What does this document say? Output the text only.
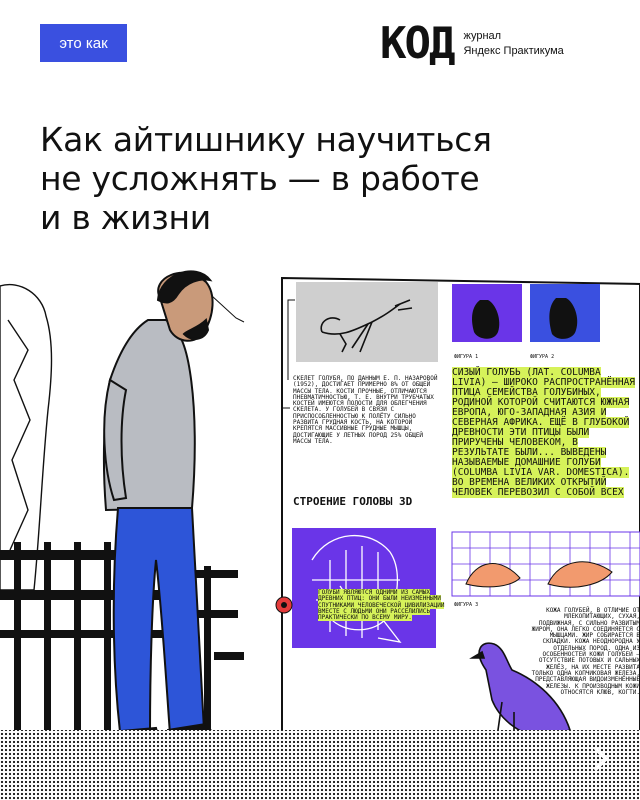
это как	КОД журнал
Яндекс Практикума
Как айтишнику научиться
не усложнять — в работе
и в жизни
СКЕЛЕТ ГОЛУБЯ, ПО ДАННЫМ Е. П. НАЗАРОВОЙ (1952), ДОСТИГАЕТ ПРИМЕРНО 8% ОТ ОБЩЕЙ МАССЫ ТЕЛА. КОСТИ ПРОЧНЫЕ, ОТЛИЧАЮТСЯ ПНЕВМАТИЧНОСТЬЮ, Т. Е. ВНУТРИ ТРУБЧАТЫХ КОСТЕЙ ИМЕЮТСЯ ПОЛОСТИ ДЛЯ ОБЛЕГЧЕНИЯ СКЕЛЕТА. У ГОЛУБЕЙ В СВЯЗИ С ПРИСПОСОБЛЕННОСТЬЮ К ПОЛЁТУ СИЛЬНО РАЗВИТА ГРУДНАЯ КОСТЬ, НА КОТОРОЙ КРЕПЯТСЯ МАССИВНЫЕ ГРУДНЫЕ МЫШЦЫ, ДОСТИГАЮЩИЕ У ЛЕТНЫХ ПОРОД 25% ОБЩЕЙ МАССЫ ТЕЛА.
СТРОЕНИЕ ГОЛОВЫ 3D
ФИГУРА 1	ФИГУРА 2
ФИГУРА 3
СИЗЫЙ ГОЛУБЬ (ЛАТ. COLUMBA LIVIA) — ШИРОКО РАСПРОСТРАНЁННАЯ ПТИЦА СЕМЕЙСТВА ГОЛУБИНЫХ, РОДИНОЙ КОТОРОЙ СЧИТАЮТСЯ ЮЖНАЯ ЕВРОПА, ЮГО-ЗАПАДНАЯ АЗИЯ И СЕВЕРНАЯ АФРИКА. ЕЩЁ В ГЛУБОКОЙ ДРЕВНОСТИ ЭТИ ПТИЦЫ БЫЛИ ПРИРУЧЕНЫ ЧЕЛОВЕКОМ, В РЕЗУЛЬТАТЕ БЫЛИ... ВЫВЕДЕНЫ НАЗЫВАЕМЫЕ ДОМАШНИЕ ГОЛУБИ (COLUMBA LIVIA VAR. DOMESTICA). ВО ВРЕМЕНА ВЕЛИКИХ ОТКРЫТИЙ ЧЕЛОВЕК ПЕРЕВОЗИЛ С СОБОЙ ВСЕХ
ГОЛУБИ ЯВЛЯЮТСЯ ОДНИМИ ИЗ САМЫХ ДРЕВНИХ ПТИЦ: ОНИ БЫЛИ НЕИЗМЕННЫМИ СПУТНИКАМИ ЧЕЛОВЕЧЕСКОЙ ЦИВИЛИЗАЦИИ ВМЕСТЕ С ЛЮДЬМИ ОНИ РАССЕЛИЛИСЬ ПРАКТИЧЕСКИ ПО ВСЕМУ МИРУ.
КОЖА ГОЛУБЕЙ, В ОТЛИЧИЕ ОТ МЛЕКОПИТАЮЩИХ, СУХАЯ, ПОДВИЖНАЯ, С СИЛЬНО РАЗВИТЫМ ЖИРОМ, ОНА ЛЕГКО СОЕДИНЯЕТСЯ С МЫШЦАМИ. ЖИР СОБИРАЕТСЯ В СКЛАДКИ. КОЖА НЕОДНОРОДНА У ОТДЕЛЬНЫХ ПОРОД. ОДНА ИЗ ОСОБЕННОСТЕЙ КОЖИ ГОЛУБЕЙ — ОТСУТСТВИЕ ПОТОВЫХ И САЛЬНЫХ ЖЕЛЁЗ, НА ИХ МЕСТЕ РАЗВИТА ТОЛЬКО ОДНА КОПЧИКОВАЯ ЖЕЛЕЗА, ПРЕДСТАВЛЯЮЩАЯ ВИДОИЗМЕНЁННЫЕ ЖЕЛЕЗЫ. К ПРОИЗВОДНЫМ КОЖИ ОТНОСЯТСЯ КЛЮВ, КОГТИ.
